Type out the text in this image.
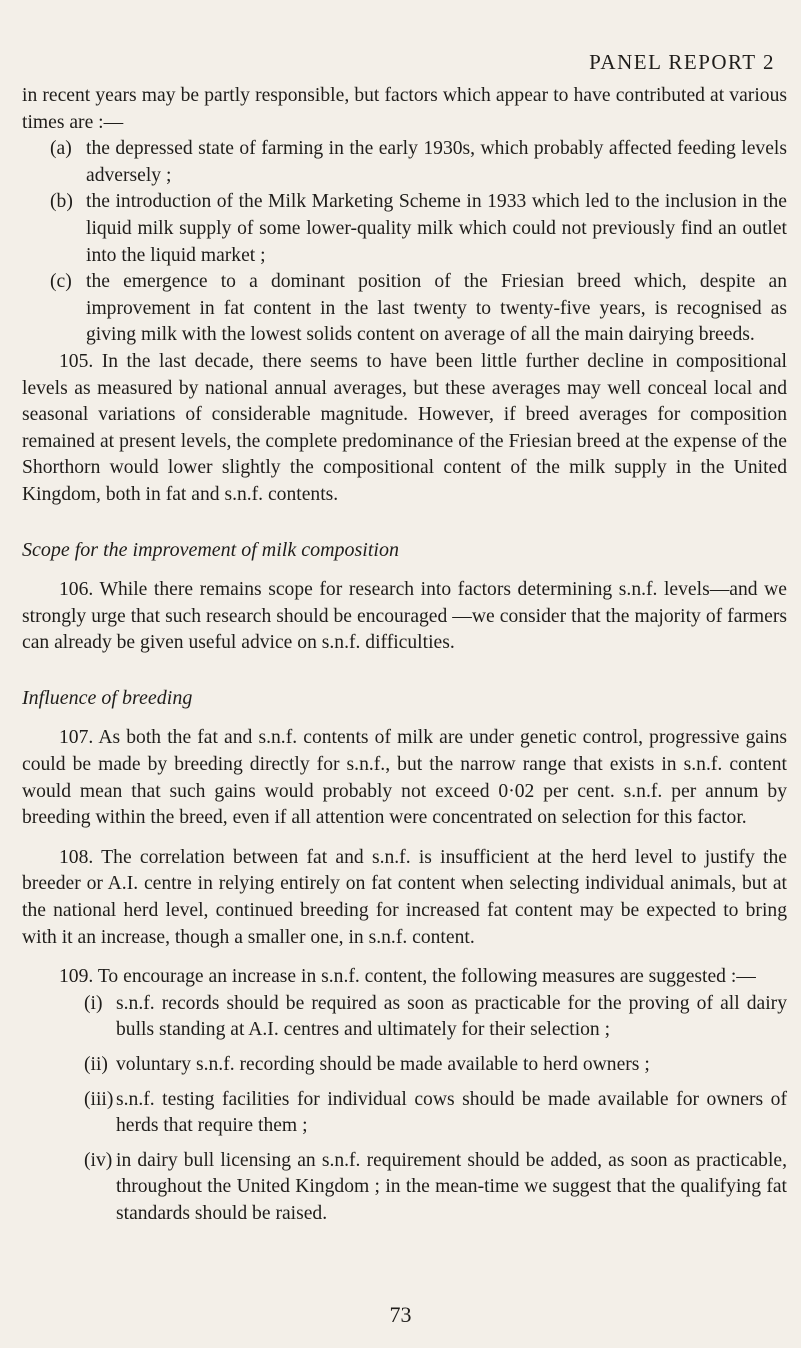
PANEL REPORT 2

in recent years may be partly responsible, but factors which appear to have contributed at various times are :—

(a) the depressed state of farming in the early 1930s, which probably affected feeding levels adversely ;

(b) the introduction of the Milk Marketing Scheme in 1933 which led to the inclusion in the liquid milk supply of some lower-quality milk which could not previously find an outlet into the liquid market ;

(c) the emergence to a dominant position of the Friesian breed which, despite an improvement in fat content in the last twenty to twenty-five years, is recognised as giving milk with the lowest solids content on average of all the main dairying breeds.

105. In the last decade, there seems to have been little further decline in compositional levels as measured by national annual averages, but these averages may well conceal local and seasonal variations of considerable magnitude. However, if breed averages for composition remained at present levels, the complete predominance of the Friesian breed at the expense of the Shorthorn would lower slightly the compositional content of the milk supply in the United Kingdom, both in fat and s.n.f. contents.

Scope for the improvement of milk composition

106. While there remains scope for research into factors determining s.n.f. levels—and we strongly urge that such research should be encouraged —we consider that the majority of farmers can already be given useful advice on s.n.f. difficulties.

Influence of breeding

107. As both the fat and s.n.f. contents of milk are under genetic control, progressive gains could be made by breeding directly for s.n.f., but the narrow range that exists in s.n.f. content would mean that such gains would probably not exceed 0·02 per cent. s.n.f. per annum by breeding within the breed, even if all attention were concentrated on selection for this factor.

108. The correlation between fat and s.n.f. is insufficient at the herd level to justify the breeder or A.I. centre in relying entirely on fat content when selecting individual animals, but at the national herd level, continued breeding for increased fat content may be expected to bring with it an increase, though a smaller one, in s.n.f. content.

109. To encourage an increase in s.n.f. content, the following measures are suggested :—

(i) s.n.f. records should be required as soon as practicable for the proving of all dairy bulls standing at A.I. centres and ultimately for their selection ;

(ii) voluntary s.n.f. recording should be made available to herd owners ;

(iii) s.n.f. testing facilities for individual cows should be made available for owners of herds that require them ;

(iv) in dairy bull licensing an s.n.f. requirement should be added, as soon as practicable, throughout the United Kingdom ; in the mean-time we suggest that the qualifying fat standards should be raised.

73
